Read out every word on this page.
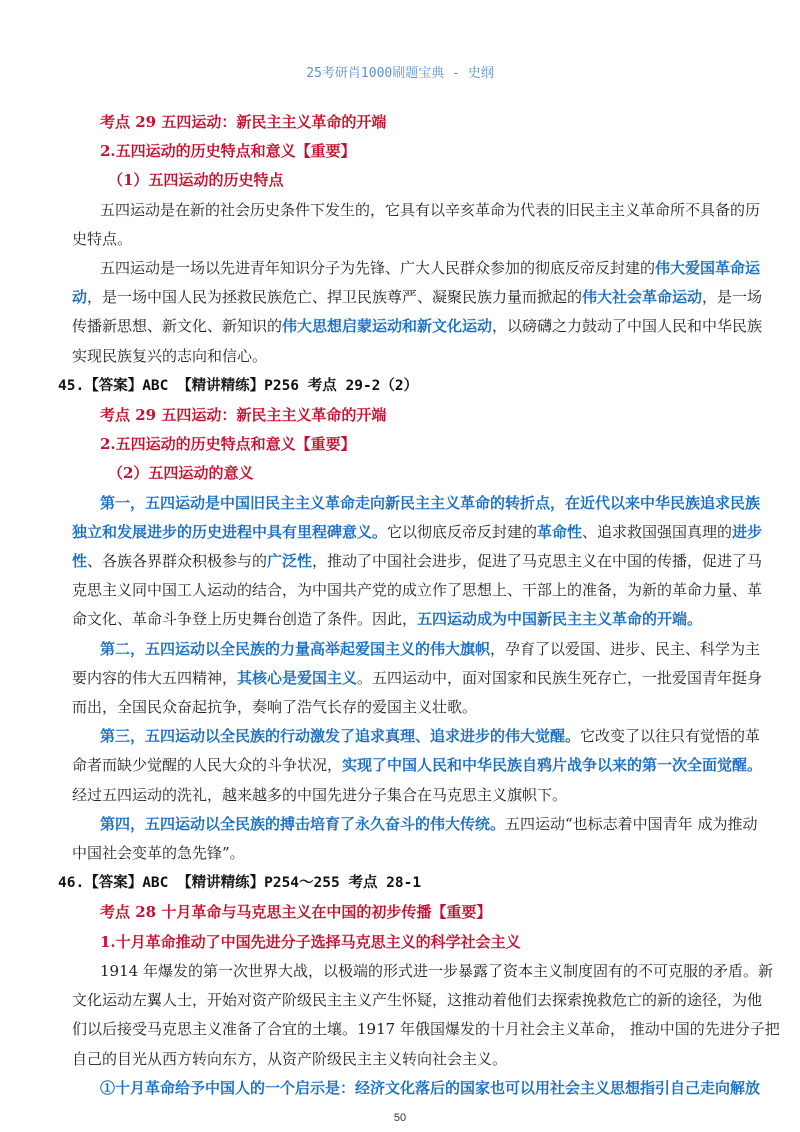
25考研肖1000刷题宝典 - 史纲
考点 29 五四运动：新民主主义革命的开端
2.五四运动的历史特点和意义【重要】
（1）五四运动的历史特点
五四运动是在新的社会历史条件下发生的，它具有以辛亥革命为代表的旧民主主义革命所不具备的历
史特点。
五四运动是一场以先进青年知识分子为先锋、广大人民群众参加的彻底反帝反封建的伟大爱国革命运
动，是一场中国人民为拯救民族危亡、捍卫民族尊严、凝聚民族力量而掀起的伟大社会革命运动，是一场
传播新思想、新文化、新知识的伟大思想启蒙运动和新文化运动，以磅礴之力鼓动了中国人民和中华民族
实现民族复兴的志向和信心。
45.【答案】ABC 【精讲精练】P256 考点 29-2（2）
考点 29 五四运动：新民主主义革命的开端
2.五四运动的历史特点和意义【重要】
（2）五四运动的意义
第一，五四运动是中国旧民主主义革命走向新民主主义革命的转折点，在近代以来中华民族追求民族
独立和发展进步的历史进程中具有里程碑意义。它以彻底反帝反封建的革命性、追求救国强国真理的进步
性、各族各界群众积极参与的广泛性，推动了中国社会进步，促进了马克思主义在中国的传播，促进了马
克思主义同中国工人运动的结合，为中国共产党的成立作了思想上、干部上的准备，为新的革命力量、革
命文化、革命斗争登上历史舞台创造了条件。因此，五四运动成为中国新民主主义革命的开端。
第二，五四运动以全民族的力量高举起爱国主义的伟大旗帜，孕育了以爱国、进步、民主、科学为主
要内容的伟大五四精神，其核心是爱国主义。五四运动中，面对国家和民族生死存亡，一批爱国青年挺身
而出，全国民众奋起抗争，奏响了浩气长存的爱国主义壮歌。
第三，五四运动以全民族的行动激发了追求真理、追求进步的伟大觉醒。它改变了以往只有觉悟的革
命者而缺少觉醒的人民大众的斗争状况，实现了中国人民和中华民族自鸦片战争以来的第一次全面觉醒。
经过五四运动的洗礼，越来越多的中国先进分子集合在马克思主义旗帜下。
第四，五四运动以全民族的搏击培育了永久奋斗的伟大传统。五四运动“也标志着中国青年 成为推动
中国社会变革的急先锋”。
46.【答案】ABC 【精讲精练】P254～255 考点 28-1
考点 28 十月革命与马克思主义在中国的初步传播【重要】
1.十月革命推动了中国先进分子选择马克思主义的科学社会主义
1914 年爆发的第一次世界大战，以极端的形式进一步暴露了资本主义制度固有的不可克服的矛盾。新
文化运动左翼人士，开始对资产阶级民主主义产生怀疑，这推动着他们去探索挽救危亡的新的途径，为他
们以后接受马克思主义准备了合宜的土壤。1917 年俄国爆发的十月社会主义革命， 推动中国的先进分子把
自己的目光从西方转向东方，从资产阶级民主主义转向社会主义。
①十月革命给予中国人的一个启示是：经济文化落后的国家也可以用社会主义思想指引自己走向解放
50
